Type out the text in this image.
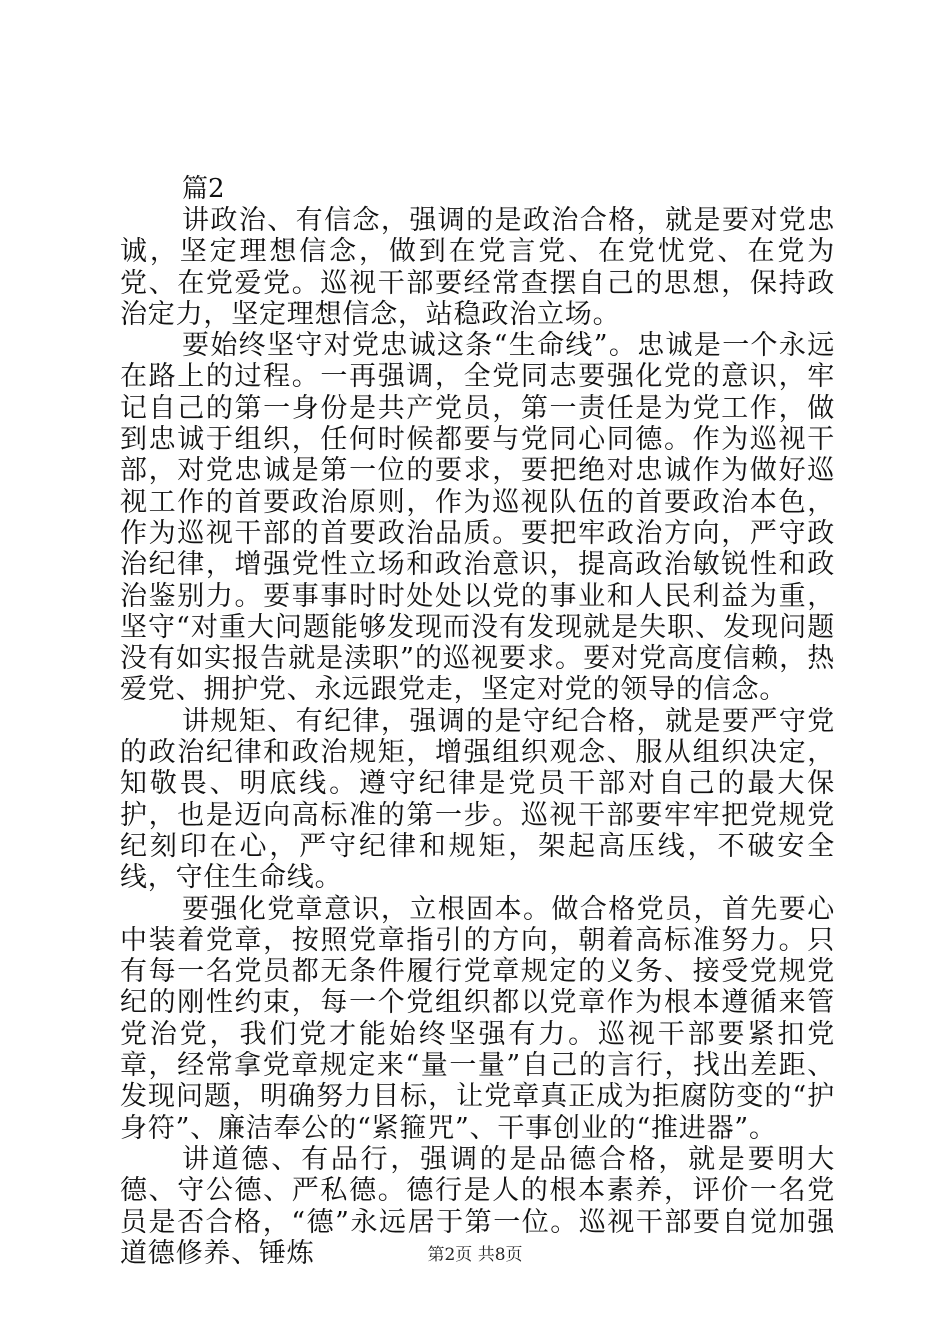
篇2

讲政治、有信念，强调的是政治合格，就是要对党忠诚，坚定理想信念，做到在党言党、在党忧党、在党为党、在党爱党。巡视干部要经常查摆自己的思想，保持政治定力，坚定理想信念，站稳政治立场。

要始终坚守对党忠诚这条“生命线”。忠诚是一个永远在路上的过程。一再强调，全党同志要强化党的意识，牢记自己的第一身份是共产党员，第一责任是为党工作，做到忠诚于组织，任何时候都要与党同心同德。作为巡视干部，对党忠诚是第一位的要求，要把绝对忠诚作为做好巡视工作的首要政治原则，作为巡视队伍的首要政治本色，作为巡视干部的首要政治品质。要把牢政治方向，严守政治纪律，增强党性立场和政治意识，提高政治敏锐性和政治鉴别力。要事事时时处处以党的事业和人民利益为重，坚守“对重大问题能够发现而没有发现就是失职、发现问题没有如实报告就是渎职”的巡视要求。要对党高度信赖，热爱党、拥护党、永远跟党走，坚定对党的领导的信念。

讲规矩、有纪律，强调的是守纪合格，就是要严守党的政治纪律和政治规矩，增强组织观念、服从组织决定，知敬畏、明底线。遵守纪律是党员干部对自己的最大保护，也是迈向高标准的第一步。巡视干部要牢牢把党规党纪刻印在心，严守纪律和规矩，架起高压线，不破安全线，守住生命线。

要强化党章意识，立根固本。做合格党员，首先要心中装着党章，按照党章指引的方向，朝着高标准努力。只有每一名党员都无条件履行党章规定的义务、接受党规党纪的刚性约束，每一个党组织都以党章作为根本遵循来管党治党，我们党才能始终坚强有力。巡视干部要紧扣党章，经常拿党章规定来“量一量”自己的言行，找出差距、发现问题，明确努力目标，让党章真正成为拒腐防变的“护身符”、廉洁奉公的“紧箍咒”、干事创业的“推进器”。

讲道德、有品行，强调的是品德合格，就是要明大德、守公德、严私德。德行是人的根本素养，评价一名党员是否合格，“德”永远居于第一位。巡视干部要自觉加强道德修养、锤炼	第2页 共8页
